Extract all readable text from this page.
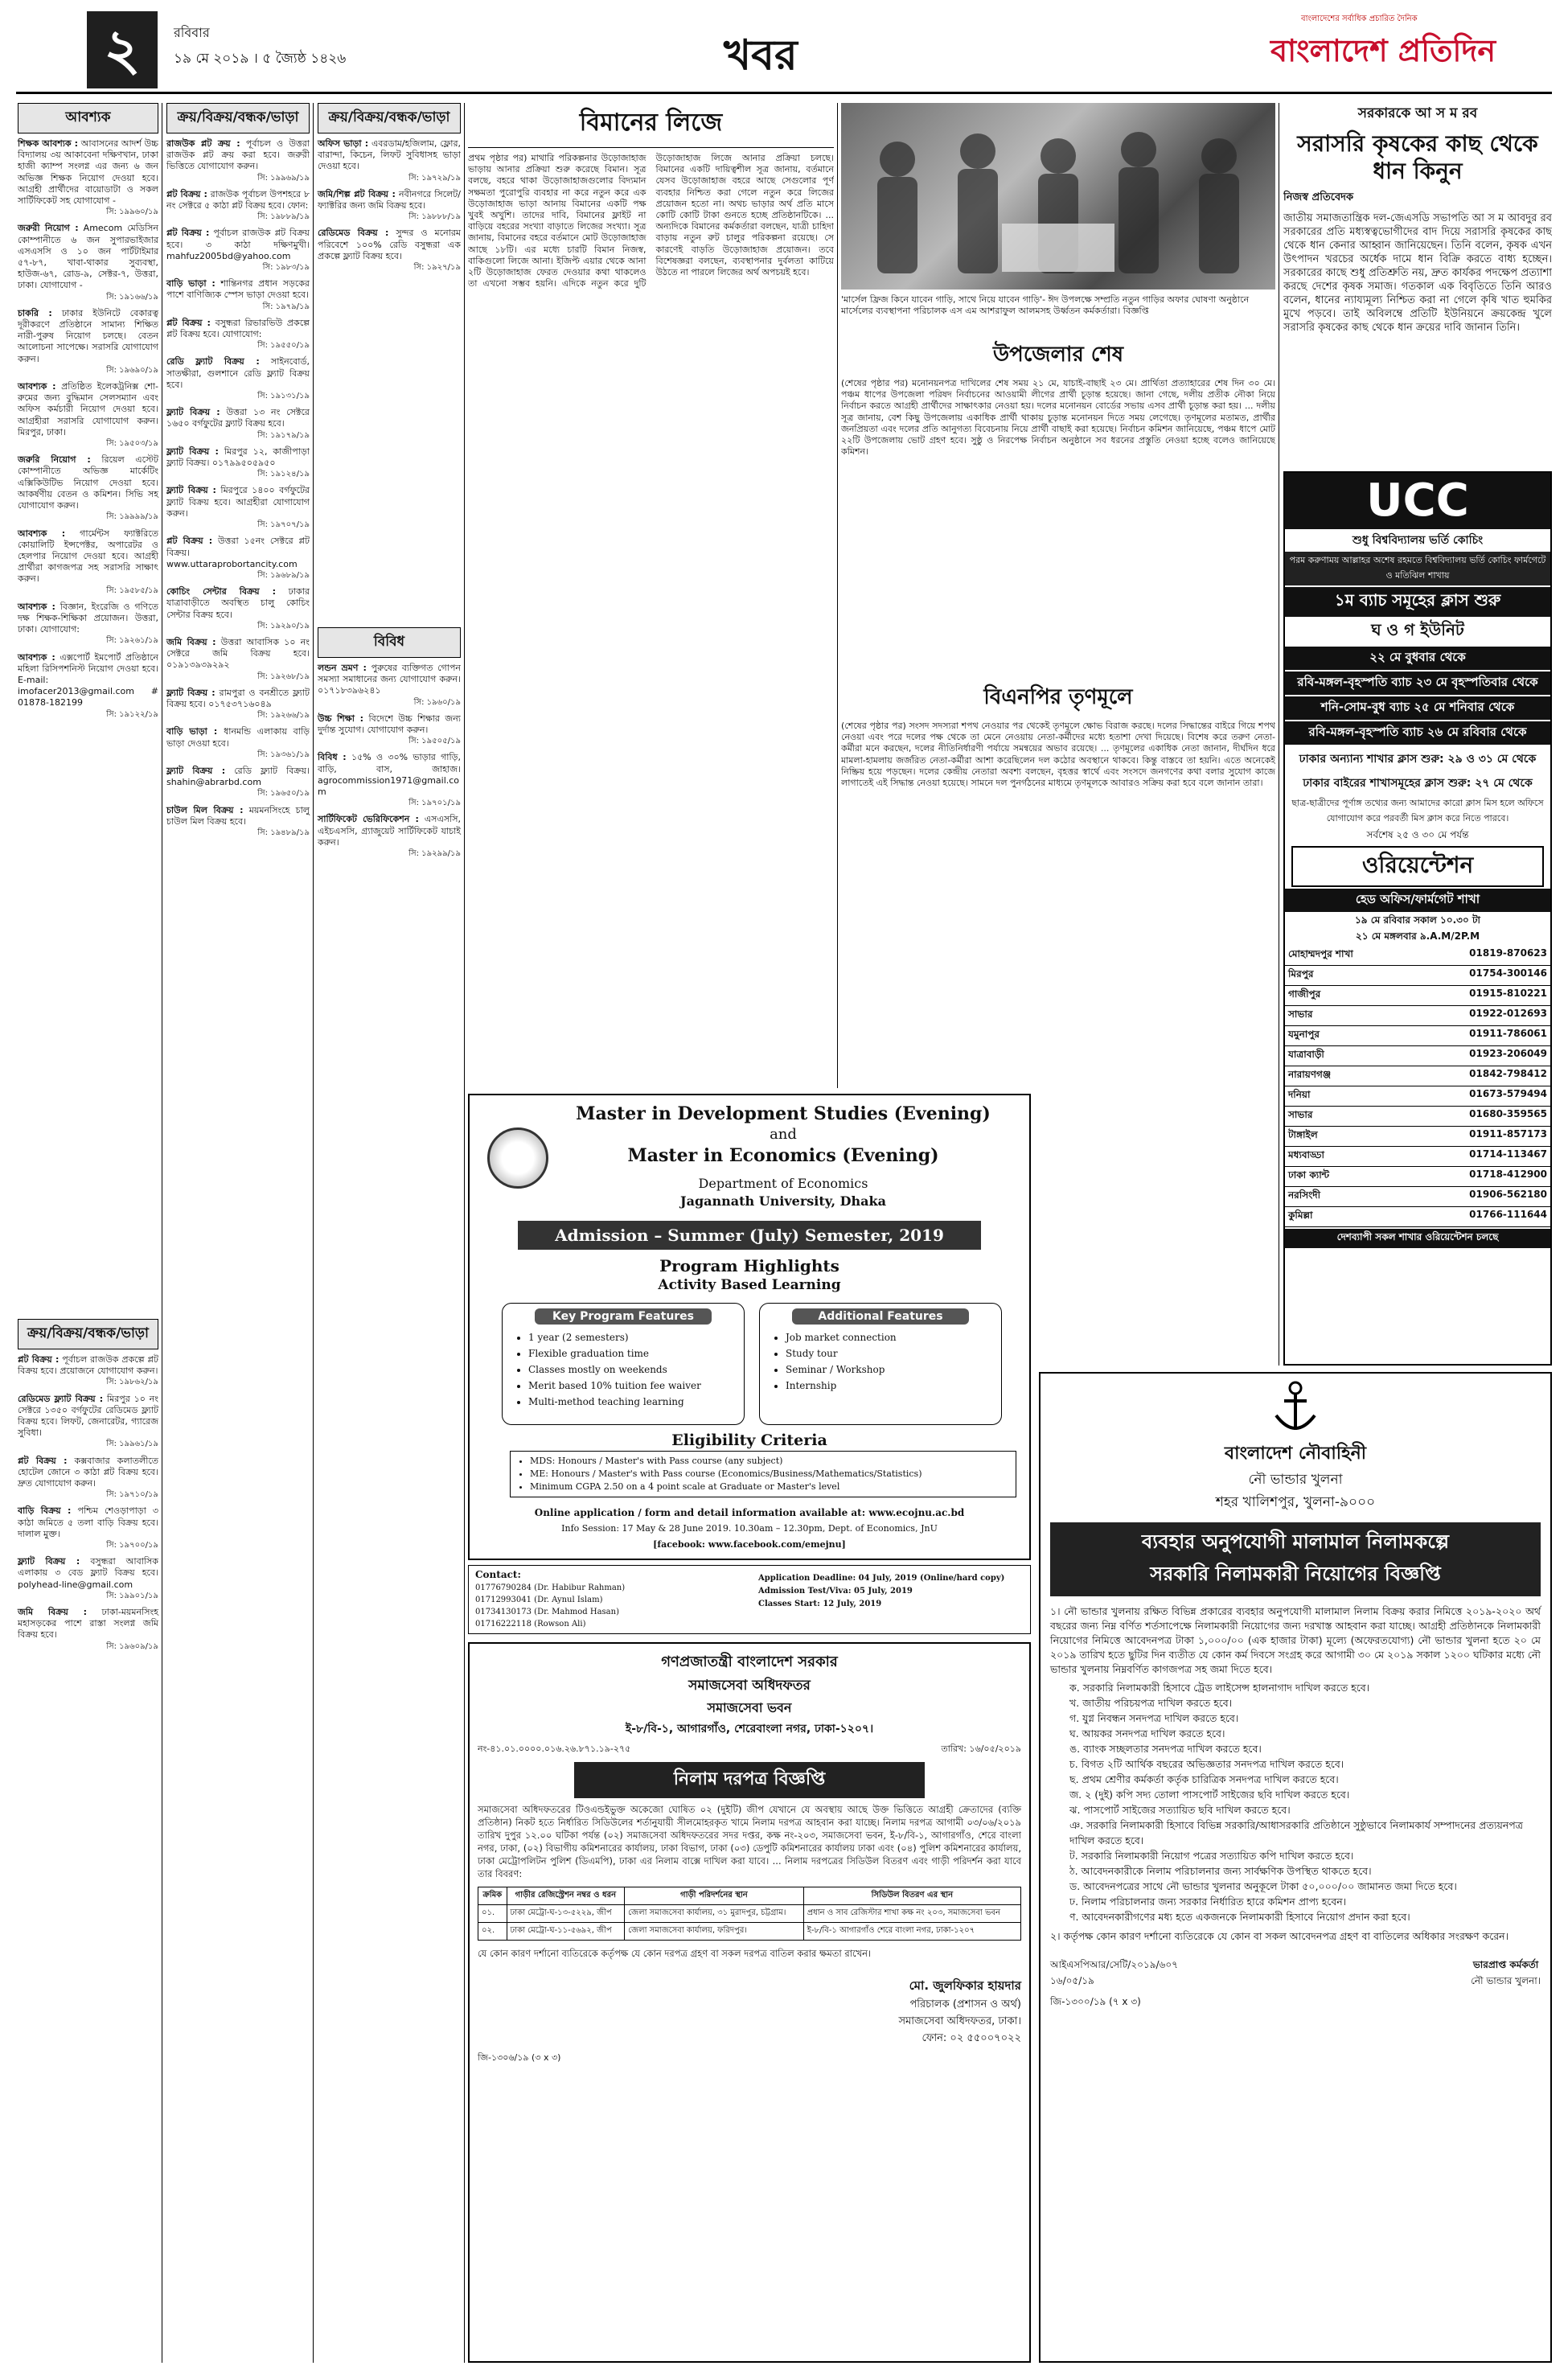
২	রবিবার
১৯ মে ২০১৯ । ৫ জ্যৈষ্ঠ ১৪২৬	খবর
বাংলাদেশের সর্বাধিক প্রচারিত দৈনিক
বাংলাদেশ প্রতিদিন
আবশ্যক
শিক্ষক আবশ্যক : আবাসনের আদর্শ উচ্চ বিদ্যালয় ৩য় আকাবেনা দক্ষিণখান, ঢাকা হাজী ক্যাম্প সংলগ্ন এর জন্য ৬ জন অভিজ্ঞ শিক্ষক নিয়োগ দেওয়া হবে। আগ্রহী প্রার্থীদের বায়োডাটা ও সকল সার্টিফিকেট সহ যোগাযোগ -
সি: ১৯৯৬০/১৯
জরুরী নিয়োগ : Amecom মেডিসিন কোম্পানীতে ৬ জন সুপারভাইজার এসএসসি ও ১০ জন পার্টটাইমার ৫৭-৮৭, খাবা-থাকার সুব্যবস্থা, হাউজ-৬৭, রোড-৯, সেক্টর-৭, উত্তরা, ঢাকা। যোগাযোগ -
সি: ১৯১৬৬/১৯
চাকরি : ঢাকার ইউনিটে বেকারত্ব দূরীকরণে প্রতিষ্ঠানে সামান্য শিক্ষিত নারী-পুরুষ নিয়োগ চলছে। বেতন আলোচনা সাপেক্ষে। সরাসরি যোগাযোগ করুন।
সি: ১৯৬৯০/১৯
আবশ্যক : প্রতিষ্ঠিত ইলেকট্রনিক্স শো-রুমের জন্য বুদ্ধিমান সেলসম্যান এবং অফিস কর্মচারী নিয়োগ দেওয়া হবে। আগ্রহীরা সরাসরি যোগাযোগ করুন। মিরপুর, ঢাকা।
সি: ১৯৫০৩/১৯
জরুরি নিয়োগ : রিয়েল এস্টেট কোম্পানীতে অভিজ্ঞ মার্কেটিং এক্সিকিউটিভ নিয়োগ দেওয়া হবে। আকর্ষণীয় বেতন ও কমিশন। সিভি সহ যোগাযোগ করুন।
সি: ১৯৯৯৯/১৯
আবশ্যক : গার্মেন্টস ফ্যাক্টরিতে কোয়ালিটি ইন্সপেক্টর, অপারেটর ও হেলপার নিয়োগ দেওয়া হবে। আগ্রহী প্রার্থীরা কাগজপত্র সহ সরাসরি সাক্ষাৎ করুন।
সি: ১৯৫৮৫/১৯
আবশ্যক : বিজ্ঞান, ইংরেজি ও গণিতে দক্ষ শিক্ষক-শিক্ষিকা প্রয়োজন। উত্তরা, ঢাকা। যোগাযোগ:
সি: ১৯২৬১/১৯
আবশ্যক : এক্সপোর্ট ইমপোর্ট প্রতিষ্ঠানে মহিলা রিসিপশনিস্ট নিয়োগ দেওয়া হবে। E-mail: imofacer2013@gmail.com # 01878-182199
সি: ১৯১২২/১৯
ক্রয়/বিক্রয়/বন্ধক/ভাড়া
প্লট বিক্রয় : পূর্বাচল রাজউক প্রকল্পে প্লট বিক্রয় হবে। প্রয়োজনে যোগাযোগ করুন।
সি: ১৯৮৬২/১৯
রেডিমেড ফ্ল্যাট বিক্রয় : মিরপুর ১০ নং সেক্টরে ১৩৫০ বর্গফুটের রেডিমেড ফ্ল্যাট বিক্রয় হবে। লিফট, জেনারেটর, গ্যারেজ সুবিধা।
সি: ১৯৯৬১/১৯
প্লট বিক্রয় : কক্সবাজার কলাতলীতে হোটেল জোনে ৩ কাঠা প্লট বিক্রয় হবে। দ্রুত যোগাযোগ করুন।
সি: ১৯৭১০/১৯
বাড়ি বিক্রয় : পশ্চিম শেওড়াপাড়া ৩ কাঠা জমিতে ৫ তলা বাড়ি বিক্রয় হবে। দালাল মুক্ত।
সি: ১৯৭০০/১৯
ফ্ল্যাট বিক্রয় : বসুন্ধরা আবাসিক এলাকায় ৩ বেড ফ্ল্যাট বিক্রয় হবে। polyhead-line@gmail.com
সি: ১৯৯০১/১৯
জমি বিক্রয় : ঢাকা-ময়মনসিংহ মহাসড়কের পাশে রাস্তা সংলগ্ন জমি বিক্রয় হবে।
সি: ১৯৬০৯/১৯
ক্রয়/বিক্রয়/বন্ধক/ভাড়া
রাজউক প্লট ক্রয় : পূর্বাচল ও উত্তরা রাজউক প্লট ক্রয় করা হবে। জরুরী ভিত্তিতে যোগাযোগ করুন।
সি: ১৯৯৬৯/১৯
প্লট বিক্রয় : রাজউক পূর্বাচল উপশহরে ৮ নং সেক্টরে ৫ কাঠা প্লট বিক্রয় হবে। ফোন:
সি: ১৯৮৮৯/১৯
প্লট বিক্রয় : পূর্বাচল রাজউক প্লট বিক্রয় হবে। ৩ কাঠা দক্ষিণমুখী। mahfuz2005bd@yahoo.com
সি: ১৯৮৩/১৯
বাড়ি ভাড়া : শান্তিনগর প্রধান সড়কের পাশে বাণিজ্যিক স্পেস ভাড়া দেওয়া হবে।
সি: ১৯৭৯/১৯
প্লট বিক্রয় : বসুন্ধরা রিভারভিউ প্রকল্পে প্লট বিক্রয় হবে। যোগাযোগ:
সি: ১৯৫৫০/১৯
রেডি ফ্ল্যাট বিক্রয় : সাইনবোর্ড, সাতক্ষীরা, গুলশানে রেডি ফ্ল্যাট বিক্রয় হবে।
সি: ১৯১৩১/১৯
ফ্ল্যাট বিক্রয় : উত্তরা ১৩ নং সেক্টরে ১৬৫০ বর্গফুটের ফ্ল্যাট বিক্রয় হবে।
সি: ১৯১৭৯/১৯
ফ্ল্যাট বিক্রয় : মিরপুর ১২, কাজীপাড়া ফ্ল্যাট বিক্রয়। ০১৭৯৯৫০৫৯৫০
সি: ১৯১২৪/১৯
ফ্ল্যাট বিক্রয় : মিরপুরে ১৪০০ বর্গফুটের ফ্ল্যাট বিক্রয় হবে। আগ্রহীরা যোগাযোগ করুন।
সি: ১৯৭০৭/১৯
প্লট বিক্রয় : উত্তরা ১৫নং সেক্টরে প্লট বিক্রয়। www.uttaraprobortancity.com
সি: ১৯৬৮৯/১৯
কোচিং সেন্টার বিক্রয় : ঢাকার যাত্রাবাড়ীতে অবস্থিত চালু কোচিং সেন্টার বিক্রয় হবে।
সি: ১৯২৯০/১৯
জমি বিক্রয় : উত্তরা আবাসিক ১০ নং সেক্টরে জমি বিক্রয় হবে। ০১৯১৩৯৩৯২৯২
সি: ১৯২৬৮/১৯
ফ্ল্যাট বিক্রয় : রামপুরা ও বনশ্রীতে ফ্ল্যাট বিক্রয় হবে। ০১৭৫৩৭১৬০৪৯
সি: ১৯২৬৬/১৯
বাড়ি ভাড়া : ধানমন্ডি এলাকায় বাড়ি ভাড়া দেওয়া হবে।
সি: ১৯৩৬১/১৯
ফ্ল্যাট বিক্রয় : রেডি ফ্ল্যাট বিক্রয়। shahin@abrarbd.com
সি: ১৯৬৫০/১৯
চাউল মিল বিক্রয় : ময়মনসিংহে চালু চাউল মিল বিক্রয় হবে।
সি: ১৯৪৮৯/১৯
ক্রয়/বিক্রয়/বন্ধক/ভাড়া
অফিস ভাড়া : এবরডাম/হজিলাম, ফ্লোর, বারান্দা, কিচেন, লিফট সুবিধাসহ ভাড়া দেওয়া হবে।
সি: ১৯৭২৯/১৯
জমি/শিল্প প্লট বিক্রয় : নবীনগরে সিলেট/ফ্যাক্টরির জন্য জমি বিক্রয় হবে।
সি: ১৯৮৮৮/১৯
রেডিমেড বিক্রয় : সুন্দর ও মনোরম পরিবেশে ১০০% রেডি বসুন্ধরা এক প্রকল্পে ফ্ল্যাট বিক্রয় হবে।
সি: ১৯২৭/১৯
বিবিধ
লন্ডন ভ্রমণ : পুরুষের ব্যক্তিগত গোপন সমস্যা সমাধানের জন্য যোগাযোগ করুন। ০১৭১৮৩৯৬২৪১
সি: ১৯৬০/১৯
উচ্চ শিক্ষা : বিদেশে উচ্চ শিক্ষার জন্য দুর্দান্ত সুযোগ। যোগাযোগ করুন।
সি: ১৯৫০৫/১৯
বিবিধ : ১৫% ও ৩০% ভাড়ার গাড়ি, বাড়ি, বাস, জাহাজ। agrocommission1971@gmail.com
সি: ১৯৭০১/১৯
সার্টিফিকেট ভেরিফিকেশন : এসএসসি, এইচএসসি, গ্র্যাজুয়েট সার্টিফিকেট যাচাই করুন।
সি: ১৯২৯৯/১৯
বিমানের লিজে
প্রথম পৃষ্ঠার পর) মাথারি পরিকল্পনার উড়োজাহাজ ভাড়ায় আনার প্রক্রিয়া শুরু করেছে বিমান। সূত্র বলছে, বহরে থাকা উড়োজাহাজগুলোর বিদ্যমান সক্ষমতা পুরোপুরি ব্যবহার না করে নতুন করে এক উড়োজাহাজ ভাড়া আনায় বিমানের একটি পক্ষ খুবই অখুশি। তাদের দাবি, বিমানের ফ্লাইট না বাড়িয়ে বহরের সংখ্যা বাড়াতে লিজের সংখ্যা। সূত্র জানায়, বিমানের বহরে বর্তমানে মোট উড়োজাহাজ আছে ১৮টি। এর মধ্যে চারটি বিমান নিজস্ব, বাকিগুলো লিজে আনা। ইজিপ্ট এয়ার থেকে আনা ২টি উড়োজাহাজ ফেরত দেওয়ার কথা থাকলেও তা এখনো সম্ভব হয়নি। এদিকে নতুন করে দুটি উড়োজাহাজ লিজে আনার প্রক্রিয়া চলছে। বিমানের একটি দায়িত্বশীল সূত্র জানায়, বর্তমানে যেসব উড়োজাহাজ বহরে আছে সেগুলোর পূর্ণ ব্যবহার নিশ্চিত করা গেলে নতুন করে লিজের প্রয়োজন হতো না। অথচ ভাড়ার অর্থ প্রতি মাসে কোটি কোটি টাকা গুনতে হচ্ছে প্রতিষ্ঠানটিকে। ... অন্যদিকে বিমানের কর্মকর্তারা বলছেন, যাত্রী চাহিদা বাড়ায় নতুন রুট চালুর পরিকল্পনা রয়েছে। সে কারণেই বাড়তি উড়োজাহাজ প্রয়োজন। তবে বিশেষজ্ঞরা বলছেন, ব্যবস্থাপনার দুর্বলতা কাটিয়ে উঠতে না পারলে লিজের অর্থ অপচয়ই হবে।
'মার্সেল ফ্রিজ কিনে যাবেন গাড়ি, সাথে নিয়ে যাবেন গাড়ি'- ঈদ উপলক্ষে সম্প্রতি নতুন গাড়ির অফার ঘোষণা অনুষ্ঠানে মার্সেলের ব্যবস্থাপনা পরিচালক এস এম আশরাফুল আলমসহ উর্ধ্বতন কর্মকর্তারা। বিজ্ঞপ্তি
উপজেলার শেষ
(শেষের পৃষ্ঠার পর) মনোনয়নপত্র দাখিলের শেষ সময় ২১ মে, যাচাই-বাছাই ২৩ মে। প্রার্থিতা প্রত্যাহারের শেষ দিন ৩০ মে। পঞ্চম ধাপের উপজেলা পরিষদ নির্বাচনের আওয়ামী লীগের প্রার্থী চূড়ান্ত হয়েছে। জানা গেছে, দলীয় প্রতীক নৌকা নিয়ে নির্বাচন করতে আগ্রহী প্রার্থীদের সাক্ষাৎকার নেওয়া হয়। দলের মনোনয়ন বোর্ডের সভায় এসব প্রার্থী চূড়ান্ত করা হয়। ... দলীয় সূত্র জানায়, বেশ কিছু উপজেলায় একাধিক প্রার্থী থাকায় চূড়ান্ত মনোনয়ন দিতে সময় লেগেছে। তৃণমূলের মতামত, প্রার্থীর জনপ্রিয়তা এবং দলের প্রতি আনুগত্য বিবেচনায় নিয়ে প্রার্থী বাছাই করা হয়েছে। নির্বাচন কমিশন জানিয়েছে, পঞ্চম ধাপে মোট ২২টি উপজেলায় ভোট গ্রহণ হবে। সুষ্ঠু ও নিরপেক্ষ নির্বাচন অনুষ্ঠানে সব ধরনের প্রস্তুতি নেওয়া হচ্ছে বলেও জানিয়েছে কমিশন।
বিএনপির তৃণমূলে
(শেষের পৃষ্ঠার পর) সংসদ সদস্যরা শপথ নেওয়ার পর থেকেই তৃণমূলে ক্ষোভ বিরাজ করছে। দলের সিদ্ধান্তের বাইরে গিয়ে শপথ নেওয়া এবং পরে দলের পক্ষ থেকে তা মেনে নেওয়ায় নেতা-কর্মীদের মধ্যে হতাশা দেখা দিয়েছে। বিশেষ করে তরুণ নেতা-কর্মীরা মনে করছেন, দলের নীতিনির্ধারণী পর্যায়ে সমন্বয়ের অভাব রয়েছে। ... তৃণমূলের একাধিক নেতা জানান, দীর্ঘদিন ধরে মামলা-হামলায় জর্জরিত নেতা-কর্মীরা আশা করেছিলেন দল কঠোর অবস্থানে থাকবে। কিন্তু বাস্তবে তা হয়নি। এতে অনেকেই নিষ্ক্রিয় হয়ে পড়ছেন। দলের কেন্দ্রীয় নেতারা অবশ্য বলছেন, বৃহত্তর স্বার্থে এবং সংসদে জনগণের কথা বলার সুযোগ কাজে লাগাতেই এই সিদ্ধান্ত নেওয়া হয়েছে। সামনে দল পুনর্গঠনের মাধ্যমে তৃণমূলকে আবারও সক্রিয় করা হবে বলে জানান তারা।
সরকারকে আ স ম রব
সরাসরি কৃষকের কাছ থেকে ধান কিনুন
নিজস্ব প্রতিবেদক
জাতীয় সমাজতান্ত্রিক দল-জেএসডি সভাপতি আ স ম আবদুর রব সরকারের প্রতি মধ্যস্বত্বভোগীদের বাদ দিয়ে সরাসরি কৃষকের কাছ থেকে ধান কেনার আহ্বান জানিয়েছেন। তিনি বলেন, কৃষক এখন উৎপাদন খরচের অর্ধেক দামে ধান বিক্রি করতে বাধ্য হচ্ছেন। সরকারের কাছে শুধু প্রতিশ্রুতি নয়, দ্রুত কার্যকর পদক্ষেপ প্রত্যাশা করছে দেশের কৃষক সমাজ। গতকাল এক বিবৃতিতে তিনি আরও বলেন, ধানের ন্যায্যমূল্য নিশ্চিত করা না গেলে কৃষি খাত হুমকির মুখে পড়বে। তাই অবিলম্বে প্রতিটি ইউনিয়নে ক্রয়কেন্দ্র খুলে সরাসরি কৃষকের কাছ থেকে ধান ক্রয়ের দাবি জানান তিনি।
UCC
শুধু বিশ্ববিদ্যালয় ভর্তি কোচিং
পরম করুণাময় আল্লাহর অশেষ রহমতে বিশ্ববিদ্যালয় ভর্তি কোচিং ফার্মগেটে ও মতিঝিল শাখায়
১ম ব্যাচ সমূহের ক্লাস শুরু
ঘ ও গ ইউনিট
২২ মে বুধবার থেকে
রবি-মঙ্গল-বৃহস্পতি ব্যাচ ২৩ মে বৃহস্পতিবার থেকে
শনি-সোম-বুধ ব্যাচ ২৫ মে শনিবার থেকে
রবি-মঙ্গল-বৃহস্পতি ব্যাচ ২৬ মে রবিবার থেকে
ঢাকার অন্যান্য শাখার ক্লাস শুরু: ২৯ ও ৩১ মে থেকে
ঢাকার বাইরের শাখাসমূহের ক্লাস শুরু: ২৭ মে থেকে
ছাত্র-ছাত্রীদের পূর্ণাঙ্গ তথ্যের জন্য আমাদের কারো ক্লাস মিস হলে অফিসে যোগাযোগ করে পরবর্তী মিস ক্লাস করে নিতে পারবে।
সর্বশেষ ২৫ ও ৩০ মে পর্যন্ত
ওরিয়েন্টেশন
হেড অফিস/ফার্মগেট শাখা
১৯ মে রবিবার সকাল ১০.৩০ টা
২১ মে মঙ্গলবার ৯.A.M/2P.M
মোহাম্মদপুর শাখা	01819-870623
মিরপুর	01754-300146
গাজীপুর	01915-810221
সাভার	01922-012693
যমুনাপুর	01911-786061
যাত্রাবাড়ী	01923-206049
নারায়ণগঞ্জ	01842-798412
দনিয়া	01673-579494
সাভার	01680-359565
টাঙ্গাইল	01911-857173
মধ্যবাড্ডা	01714-113467
ঢাকা ক্যান্ট	01718-412900
নরসিংদী	01906-562180
কুমিল্লা	01766-111644
দেশব্যাপী সকল শাখার ওরিয়েন্টেশন চলছে
Master in Development Studies (Evening)
and
Master in Economics (Evening)
Department of Economics
Jagannath University, Dhaka
Admission – Summer (July) Semester, 2019
Program Highlights
Activity Based Learning
Key Program Features
• 1 year (2 semesters)
• Flexible graduation time
• Classes mostly on weekends
• Merit based 10% tuition fee waiver
• Multi-method teaching learning
Additional Features
• Job market connection
• Study tour
• Seminar / Workshop
• Internship
Eligibility Criteria
• MDS: Honours / Master's with Pass course (any subject)
• ME: Honours / Master's with Pass course (Economics/Business/Mathematics/Statistics)
• Minimum CGPA 2.50 on a 4 point scale at Graduate or Master's level
Online application / form and detail information available at: www.ecojnu.ac.bd
Info Session: 17 May & 28 June 2019. 10.30am – 12.30pm, Dept. of Economics, JnU
[facebook: www.facebook.com/emejnu]
Contact:
01776790284 (Dr. Habibur Rahman)
01712993041 (Dr. Aynul Islam)
01734130173 (Dr. Mahmod Hasan)
01716222118 (Rowson Ali)
Application Deadline: 04 July, 2019 (Online/hard copy)
Admission Test/Viva: 05 July, 2019
Classes Start: 12 July, 2019
গণপ্রজাতন্ত্রী বাংলাদেশ সরকার
সমাজসেবা অধিদফতর
সমাজসেবা ভবন
ই-৮/বি-১, আগারগাঁও, শেরেবাংলা নগর, ঢাকা-১২০৭।
নং-৪১.০১.০০০০.০১৬.২৬.৮৭১.১৯-২৭৫	তারিখ: ১৬/০৫/২০১৯
নিলাম দরপত্র বিজ্ঞপ্তি
সমাজসেবা অধিদফতরের টিওএন্ডইভুক্ত অকেজো ঘোষিত ০২ (দুইটি) জীপ যেখানে যে অবস্থায় আছে উক্ত ভিত্তিতে আগ্রহী ক্রেতাদের (ব্যক্তি প্রতিষ্ঠান) নিকট হতে নির্ধারিত সিডিউলের শর্তানুযায়ী সীলমোহরকৃত খামে নিলাম দরপত্র আহবান করা যাচ্ছে। নিলাম দরপত্র আগামী ০৩/০৬/২০১৯ তারিখ দুপুর ১২.০০ ঘটিকা পর্যন্ত (০২) সমাজসেবা অধিদফতরের সদর দপ্তর, কক্ষ নং-২০৩, সমাজসেবা ভবন, ই-৮/বি-১, আগারগাঁও, শেরে বাংলা নগর, ঢাকা, (০২) বিভাগীয় কমিশনারের কার্যালয়, ঢাকা বিভাগ, ঢাকা (০৩) ডেপুটি কমিশনারের কার্যালয় ঢাকা এবং (০৪) পুলিশ কমিশনারের কার্যালয়, ঢাকা মেট্রোপলিটন পুলিশ (ডিএমপি), ঢাকা এর নিলাম বাক্সে দাখিল করা যাবে। ... নিলাম দরপত্রের সিডিউল বিতরণ এবং গাড়ী পরিদর্শন করা যাবে তার বিবরণ:
ক্রমিক	গাড়ীর রেজিস্ট্রেশন নম্বর ও ধরন	গাড়ী পরিদর্শনের স্থান	সিডিউল বিতরণ এর স্থান
০১.	ঢাকা মেট্রো-ঘ-১৩-৫২২৯, জীপ	জেলা সমাজসেবা কার্যালয়, ৩১ মুরাদপুর, চট্টগ্রাম।	প্রধান ও সাব রেজিস্টার শাখা কক্ষ নং ২০৩, সমাজসেবা ভবন
০২.	ঢাকা মেট্রো-ঘ-১১-৫৬৯২, জীপ	জেলা সমাজসেবা কার্যালয়, ফরিদপুর।	ই-৮/বি-১ আগারগাঁও শেরে বাংলা নগর, ঢাকা-১২০৭
যে কোন কারণ দর্শানো ব্যতিরেকে কর্তৃপক্ষ যে কোন দরপত্র গ্রহণ বা সকল দরপত্র বাতিল করার ক্ষমতা রাখেন।
মো. জুলফিকার হায়দার
পরিচালক (প্রশাসন ও অর্থ)
সমাজসেবা অধিদফতর, ঢাকা।
ফোন: ০২ ৫৫০০৭০২২
জি-১৩০৬/১৯ (৩ x ৩)
বাংলাদেশ নৌবাহিনী
নৌ ভান্ডার খুলনা
শহর খালিশপুর, খুলনা-৯০০০
ব্যবহার অনুপযোগী মালামাল নিলামকল্পে
সরকারি নিলামকারী নিয়োগের বিজ্ঞপ্তি
১। নৌ ভান্ডার খুলনায় রক্ষিত বিভিন্ন প্রকারের ব্যবহার অনুপযোগী মালামাল নিলাম বিক্রয় করার নিমিত্তে ২০১৯-২০২০ অর্থ বছরের জন্য নিম্ন বর্ণিত শর্তসাপেক্ষে নিলামকারী নিয়োগের জন্য দরখাস্ত আহবান করা যাচ্ছে। আগ্রহী প্রতিষ্ঠানকে নিলামকারী নিয়োগের নিমিত্তে আবেদনপত্র টাকা ১,০০০/০০ (এক হাজার টাকা) মূল্যে (অফেরতযোগ্য) নৌ ভান্ডার খুলনা হতে ২০ মে ২০১৯ তারিখ হতে ছুটির দিন ব্যতীত যে কোন কর্ম দিবসে সংগ্রহ করে আগামী ৩০ মে ২০১৯ সকাল ১২০০ ঘটিকার মধ্যে নৌ ভান্ডার খুলনায় নিম্নবর্ণিত কাগজপত্র সহ জমা দিতে হবে।
ক. সরকারি নিলামকারী হিসাবে ট্রেড লাইসেন্স হালনাগাদ দাখিল করতে হবে।
খ. জাতীয় পরিচয়পত্র দাখিল করতে হবে।
গ. যুগ্ন নিবন্ধন সনদপত্র দাখিল করতে হবে।
ঘ. আয়কর সনদপত্র দাখিল করতে হবে।
ঙ. ব্যাংক সচ্ছলতার সনদপত্র দাখিল করতে হবে।
চ. বিগত ২টি আর্থিক বছরের অভিজ্ঞতার সনদপত্র দাখিল করতে হবে।
ছ. প্রথম শ্রেণীর কর্মকর্তা কর্তৃক চারিত্রিক সনদপত্র দাখিল করতে হবে।
জ. ২ (দুই) কপি সদ্য তোলা পাসপোর্ট সাইজের ছবি দাখিল করতে হবে।
ঝ. পাসপোর্ট সাইজের সত্যায়িত ছবি দাখিল করতে হবে।
ঞ. সরকারি নিলামকারী হিসাবে বিভিন্ন সরকারি/আধাসরকারি প্রতিষ্ঠানে সুষ্ঠুভাবে নিলামকার্য সম্পাদনের প্রত্যয়নপত্র দাখিল করতে হবে।
ট. সরকারি নিলামকারী নিয়োগ পত্রের সত্যায়িত কপি দাখিল করতে হবে।
ঠ. আবেদনকারীকে নিলাম পরিচালনার জন্য সার্বক্ষণিক উপস্থিত থাকতে হবে।
ড. আবেদনপত্রের সাথে নৌ ভান্ডার খুলনার অনুকূলে টাকা ৫০,০০০/০০ জামানত জমা দিতে হবে।
ঢ. নিলাম পরিচালনার জন্য সরকার নির্ধারিত হারে কমিশন প্রাপ্য হবেন।
ণ. আবেদনকারীগণের মধ্য হতে একজনকে নিলামকারী হিসাবে নিয়োগ প্রদান করা হবে।
২। কর্তৃপক্ষ কোন কারণ দর্শানো ব্যতিরেকে যে কোন বা সকল আবেদনপত্র গ্রহণ বা বাতিলের অধিকার সংরক্ষণ করেন।
আইএসপিআর/সেটি/২০১৯/৬০৭
১৬/০৫/১৯
জি-১৩০০/১৯ (৭ x ৩)
ভারপ্রাপ্ত কর্মকর্তা
নৌ ভান্ডার খুলনা।
